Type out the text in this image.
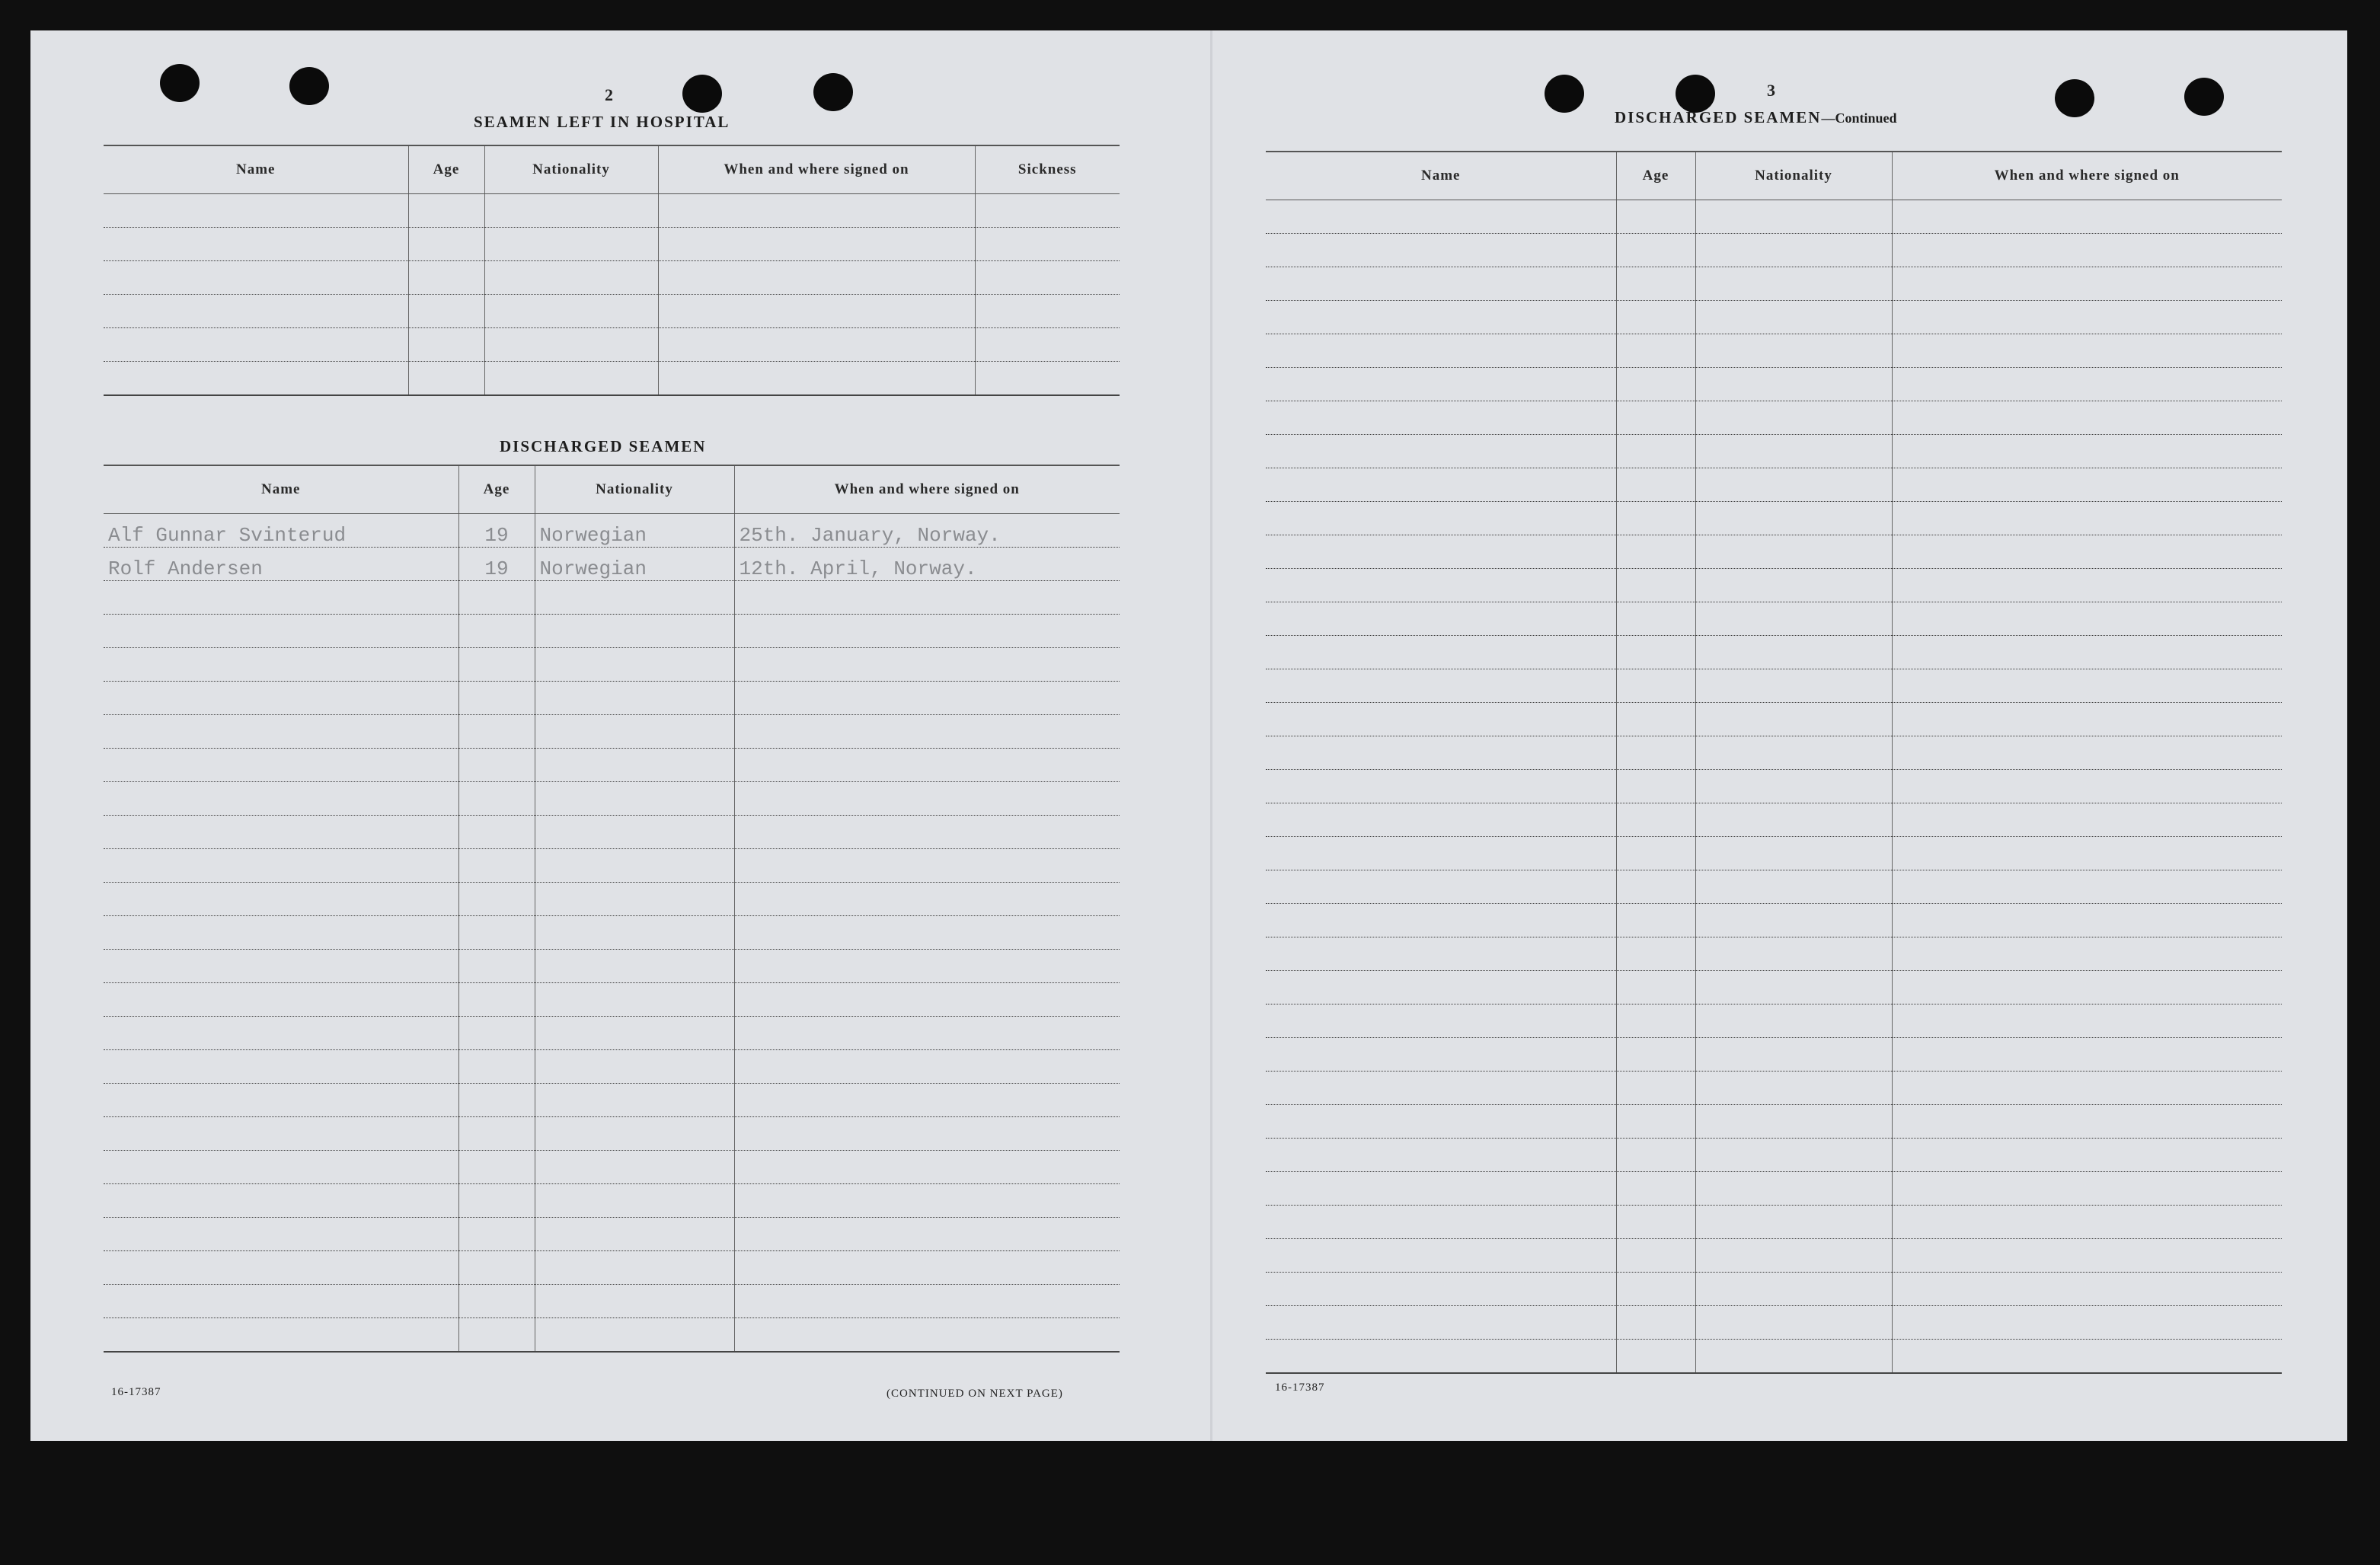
2
SEAMEN LEFT IN HOSPITAL
Name	Age	Nationality	When and where signed on	Sickness

DISCHARGED SEAMEN
Name	Age	Nationality	When and where signed on
Alf Gunnar Svinterud	19	Norwegian	25th. January, Norway.
Rolf Andersen	19	Norwegian	12th. April, Norway.

16-17387	(CONTINUED ON NEXT PAGE)
3
DISCHARGED SEAMEN—Continued
Name	Age	Nationality	When and where signed on

16-17387
